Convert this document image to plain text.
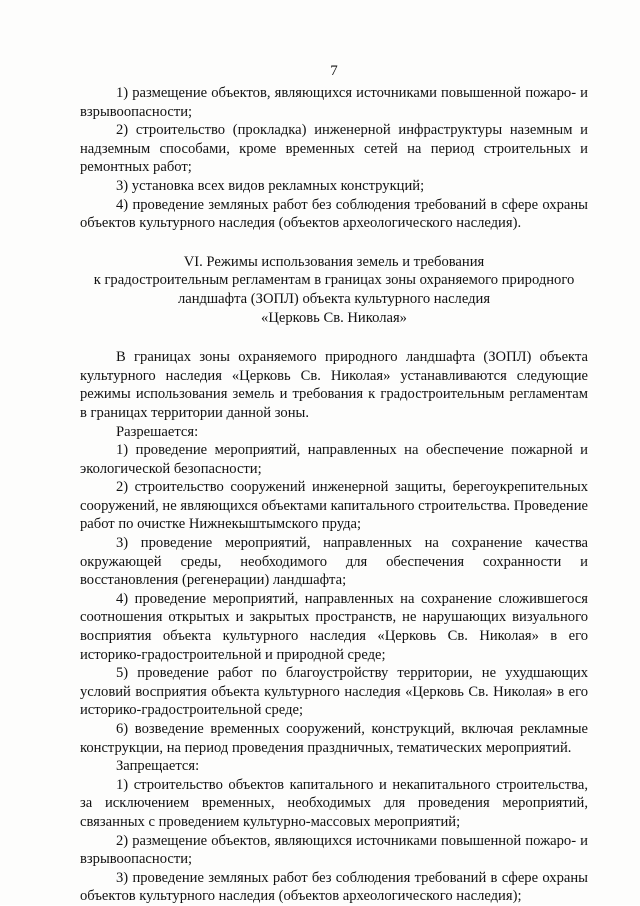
7

1) размещение объектов, являющихся источниками повышенной пожаро- и взрывоопасности;

2) строительство (прокладка) инженерной инфраструктуры наземным и надземным способами, кроме временных сетей на период строительных и ремонтных работ;

3) установка всех видов рекламных конструкций;

4) проведение земляных работ без соблюдения требований в сфере охраны объектов культурного наследия (объектов археологического наследия).

VI. Режимы использования земель и требования
к градостроительным регламентам в границах зоны охраняемого природного
ландшафта (ЗОПЛ) объекта культурного наследия
«Церковь Св. Николая»

В границах зоны охраняемого природного ландшафта (ЗОПЛ) объекта культурного наследия «Церковь Св. Николая» устанавливаются следующие режимы использования земель и требования к градостроительным регламентам в границах территории данной зоны.

Разрешается:

1) проведение мероприятий, направленных на обеспечение пожарной и экологической безопасности;

2) строительство сооружений инженерной защиты, берегоукрепительных сооружений, не являющихся объектами капитального строительства. Проведение работ по очистке Нижнекыштымского пруда;

3) проведение мероприятий, направленных на сохранение качества окружающей среды, необходимого для обеспечения сохранности и восстановления (регенерации) ландшафта;

4) проведение мероприятий, направленных на сохранение сложившегося соотношения открытых и закрытых пространств, не нарушающих визуального восприятия объекта культурного наследия «Церковь Св. Николая» в его историко-градостроительной и природной среде;

5) проведение работ по благоустройству территории, не ухудшающих условий восприятия объекта культурного наследия «Церковь Св. Николая» в его историко-градостроительной среде;

6) возведение временных сооружений, конструкций, включая рекламные конструкции, на период проведения праздничных, тематических мероприятий.

Запрещается:

1) строительство объектов капитального и некапитального строительства, за исключением временных, необходимых для проведения мероприятий, связанных с проведением культурно-массовых мероприятий;

2) размещение объектов, являющихся источниками повышенной пожаро- и взрывоопасности;

3) проведение земляных работ без соблюдения требований в сфере охраны объектов культурного наследия (объектов археологического наследия);
